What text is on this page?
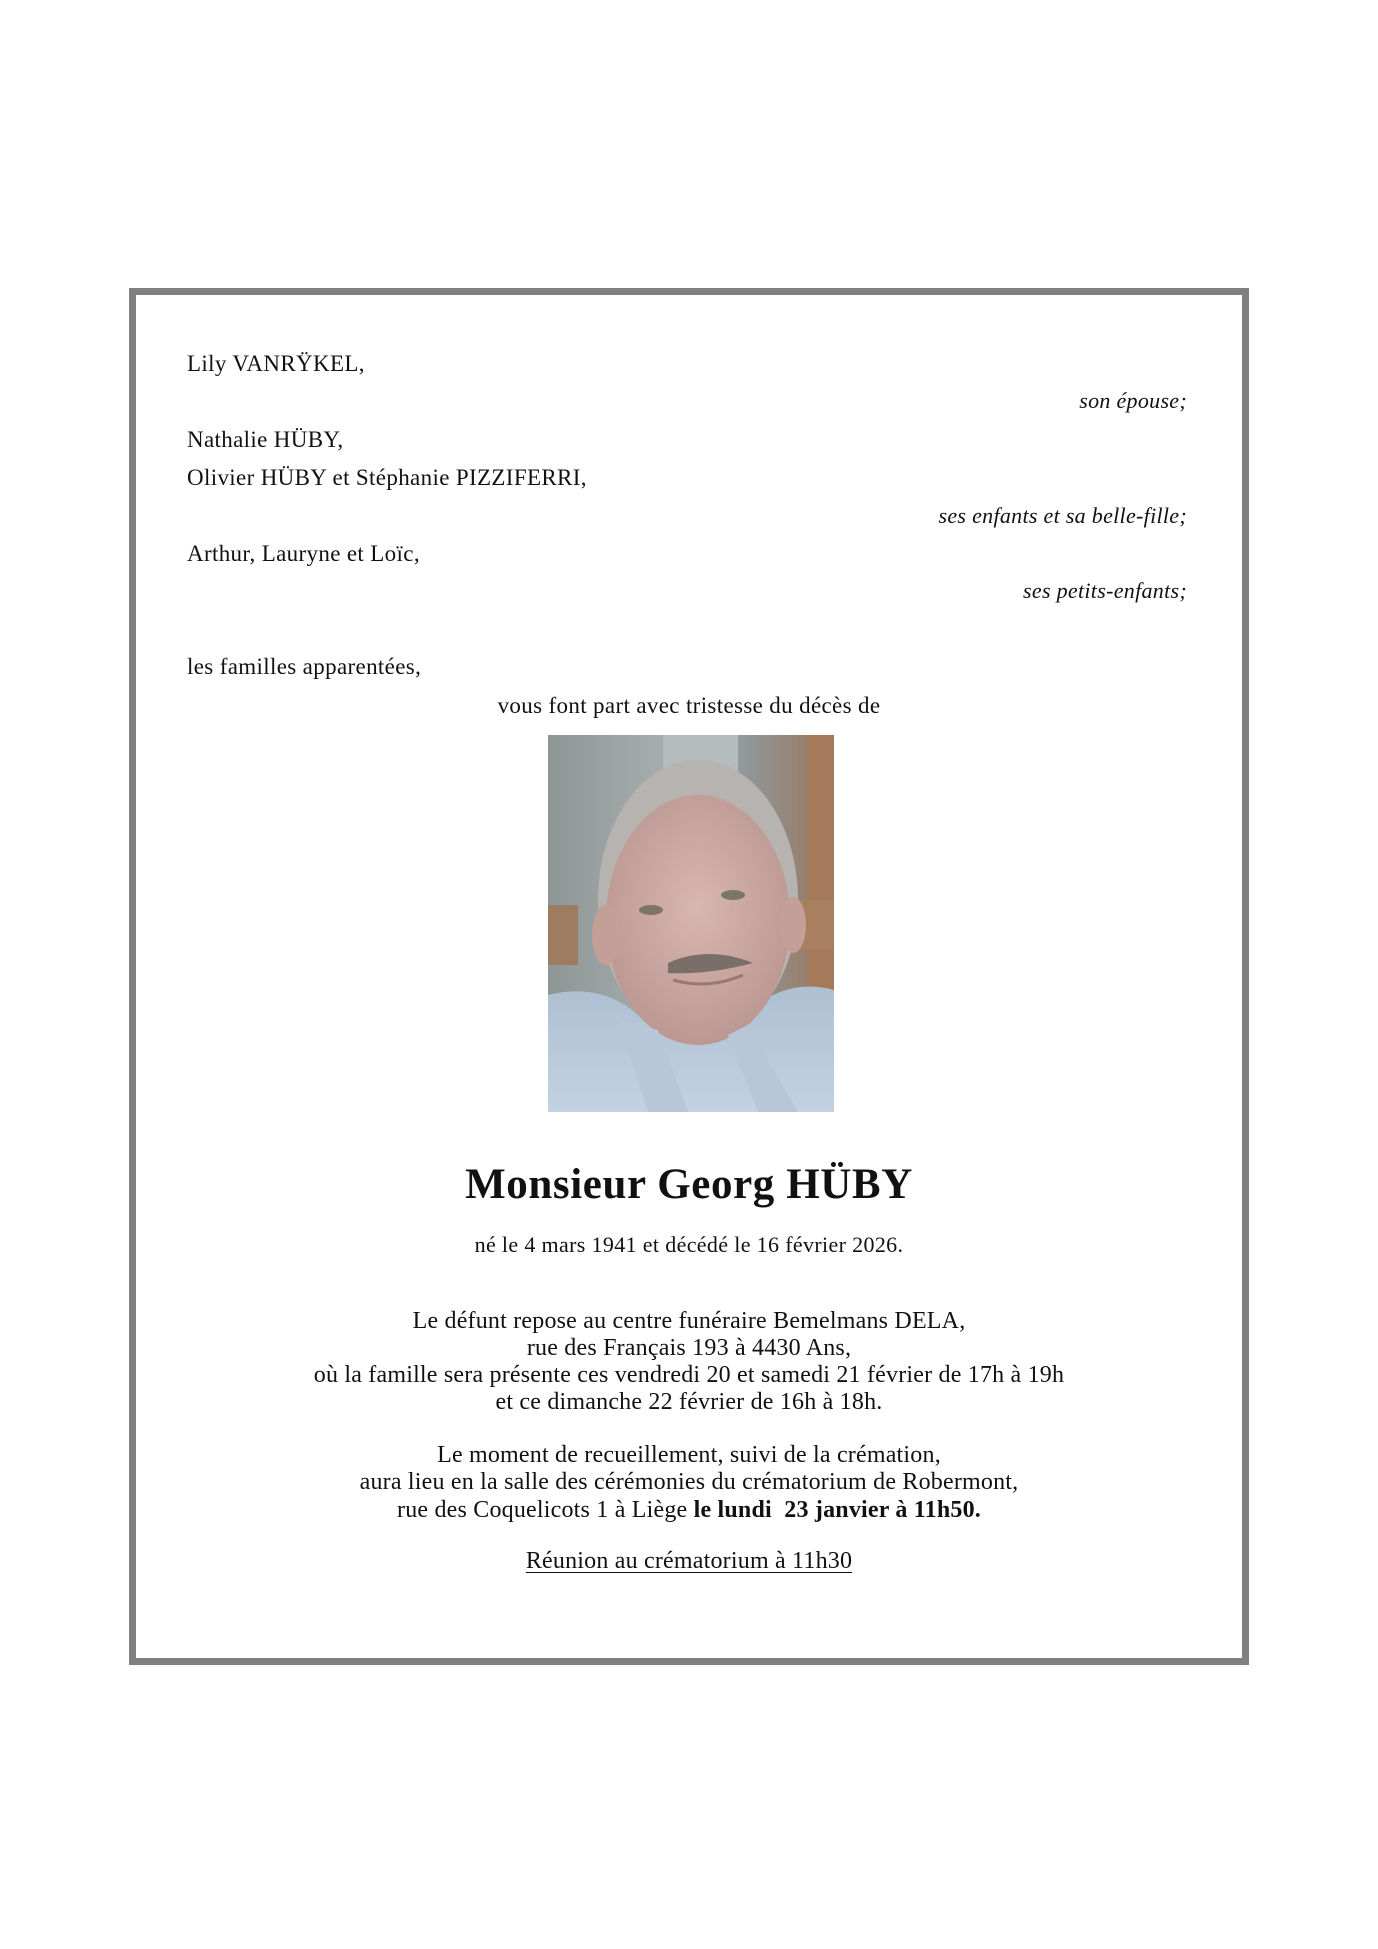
Lily VANRŸKEL,
son épouse;
Nathalie HÜBY,
Olivier HÜBY et Stéphanie PIZZIFERRI,
ses enfants et sa belle-fille;
Arthur, Lauryne et Loïc,
ses petits-enfants;
les familles apparentées,
vous font part avec tristesse du décès de
Monsieur Georg HÜBY
né le 4 mars 1941 et décédé le 16 février 2026.
Le défunt repose au centre funéraire Bemelmans DELA,
rue des Français 193 à 4430 Ans,
où la famille sera présente ces vendredi 20 et samedi 21 février de 17h à 19h
et ce dimanche 22 février de 16h à 18h.
Le moment de recueillement, suivi de la crémation,
aura lieu en la salle des cérémonies du crématorium de Robermont,
rue des Coquelicots 1 à Liège le lundi  23 janvier à 11h50.
Réunion au crématorium à 11h30
